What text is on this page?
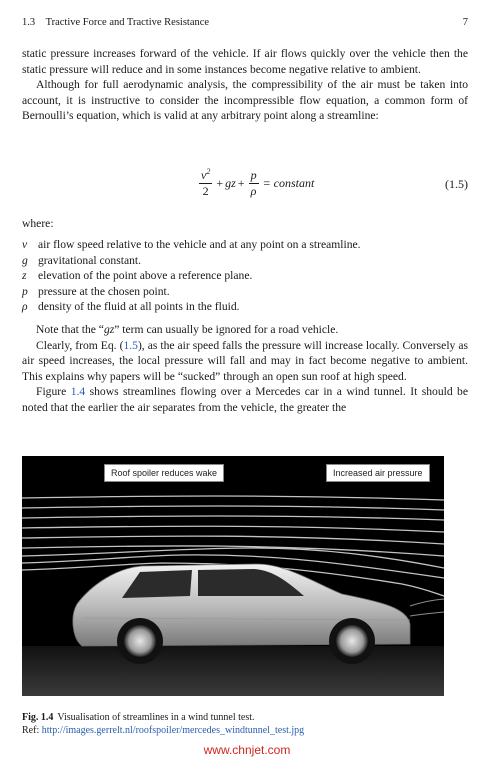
1.3 Tractive Force and Tractive Resistance	7

static pressure increases forward of the vehicle. If air flows quickly over the vehicle then the static pressure will reduce and in some instances become negative relative to ambient.

Although for full aerodynamic analysis, the compressibility of the air must be taken into account, it is instructive to consider the incompressible flow equation, a common form of Bernoulli’s equation, which is valid at any arbitrary point along a streamline:

$\frac{v^2}{2}$ + gz + $\frac{p}{\rho}$ = constant	(1.5)

where:

v air flow speed relative to the vehicle and at any point on a streamline.
g gravitational constant.
z elevation of the point above a reference plane.
p pressure at the chosen point.
ρ density of the fluid at all points in the fluid.

Note that the “gz” term can usually be ignored for a road vehicle.

Clearly, from Eq. (1.5), as the air speed falls the pressure will increase locally. Conversely as air speed increases, the local pressure will fall and may in fact become negative to ambient. This explains why papers will be “sucked” through an open sun roof at high speed.

Figure 1.4 shows streamlines flowing over a Mercedes car in a wind tunnel. It should be noted that the earlier the air separates from the vehicle, the greater the

Roof spoiler reduces wake	Increased air pressure
Fig. 1.4 Visualisation of streamlines in a wind tunnel test.
Ref: http://images.gerrelt.nl/roofspoiler/mercedes_windtunnel_test.jpg
www.chnjet.com
